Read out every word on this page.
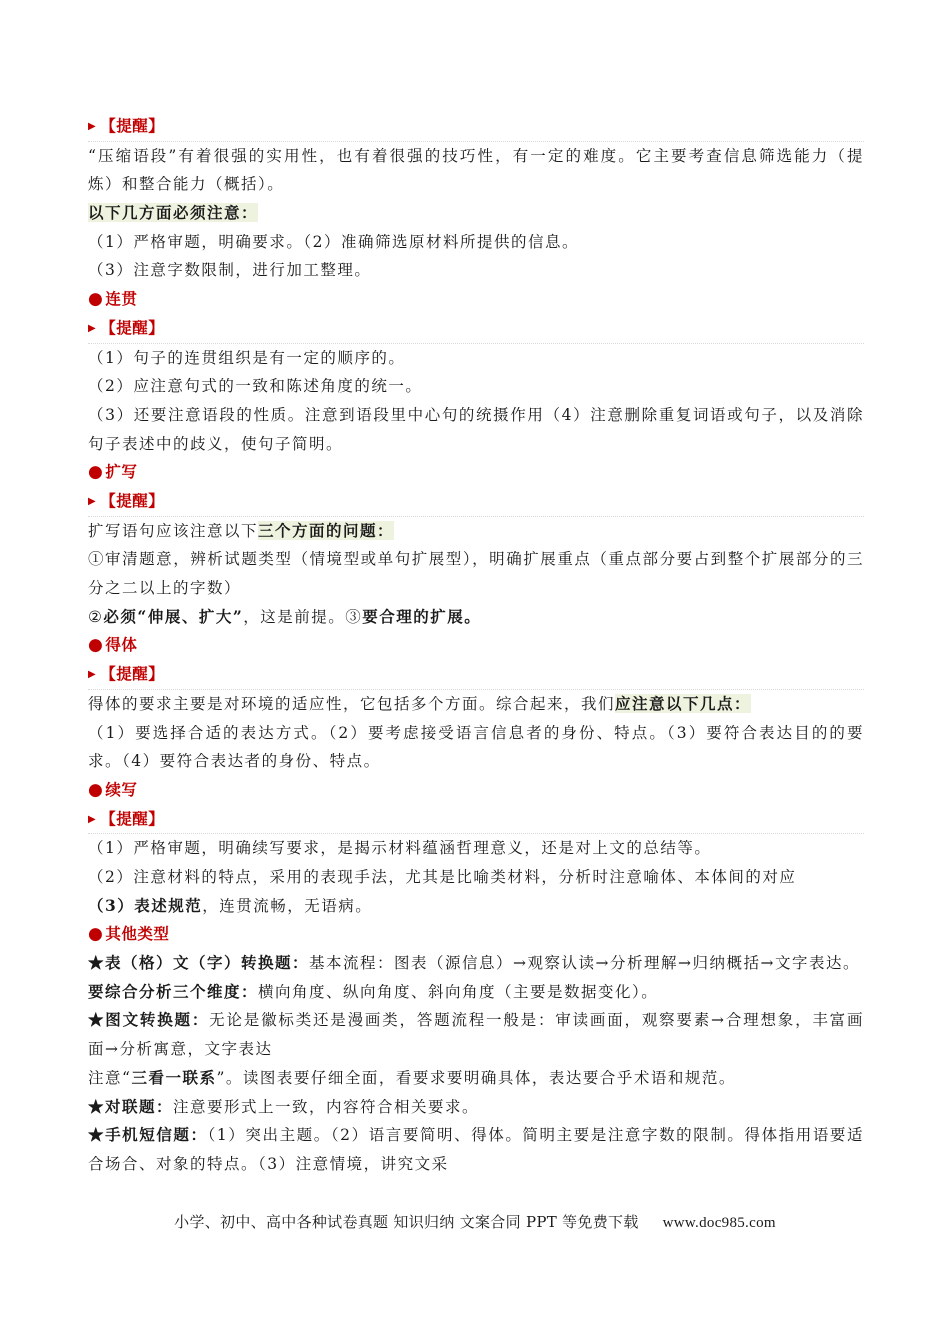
▶ 【提醒】
“压缩语段”有着很强的实用性，也有着很强的技巧性，有一定的难度。它主要考查信息筛选能力（提炼）和整合能力（概括）。
以下几方面必须注意：
（1）严格审题，明确要求。（2）准确筛选原材料所提供的信息。
（3）注意字数限制，进行加工整理。
●连贯
▶ 【提醒】
（1）句子的连贯组织是有一定的顺序的。
（2）应注意句式的一致和陈述角度的统一。
（3）还要注意语段的性质。注意到语段里中心句的统摄作用（4）注意删除重复词语或句子，以及消除句子表述中的歧义，使句子简明。
●扩写
▶ 【提醒】
扩写语句应该注意以下三个方面的问题：
①审清题意，辨析试题类型（情境型或单句扩展型），明确扩展重点（重点部分要占到整个扩展部分的三分之二以上的字数）
②必须“伸展、扩大”，这是前提。③要合理的扩展。
●得体
▶ 【提醒】
得体的要求主要是对环境的适应性，它包括多个方面。综合起来，我们应注意以下几点：
（1）要选择合适的表达方式。（2）要考虑接受语言信息者的身份、特点。（3）要符合表达目的的要求。（4）要符合表达者的身份、特点。
●续写
▶ 【提醒】
（1）严格审题，明确续写要求，是揭示材料蕴涵哲理意义，还是对上文的总结等。
（2）注意材料的特点，采用的表现手法，尤其是比喻类材料，分析时注意喻体、本体间的对应
（3）表述规范，连贯流畅，无语病。
●其他类型
★表（格）文（字）转换题：基本流程：图表（源信息）→观察认读→分析理解→归纳概括→文字表达。
要综合分析三个维度：横向角度、纵向角度、斜向角度（主要是数据变化）。
★图文转换题：无论是徽标类还是漫画类，答题流程一般是：审读画面，观察要素→合理想象，丰富画面→分析寓意，文字表达
注意“三看一联系”。读图表要仔细全面，看要求要明确具体，表达要合乎术语和规范。
★对联题：注意要形式上一致，内容符合相关要求。
★手机短信题：（1）突出主题。（2）语言要简明、得体。简明主要是注意字数的限制。得体指用语要适合场合、对象的特点。（3）注意情境，讲究文采
小学、初中、高中各种试卷真题 知识归纳 文案合同 PPT 等免费下载 www.doc985.com
